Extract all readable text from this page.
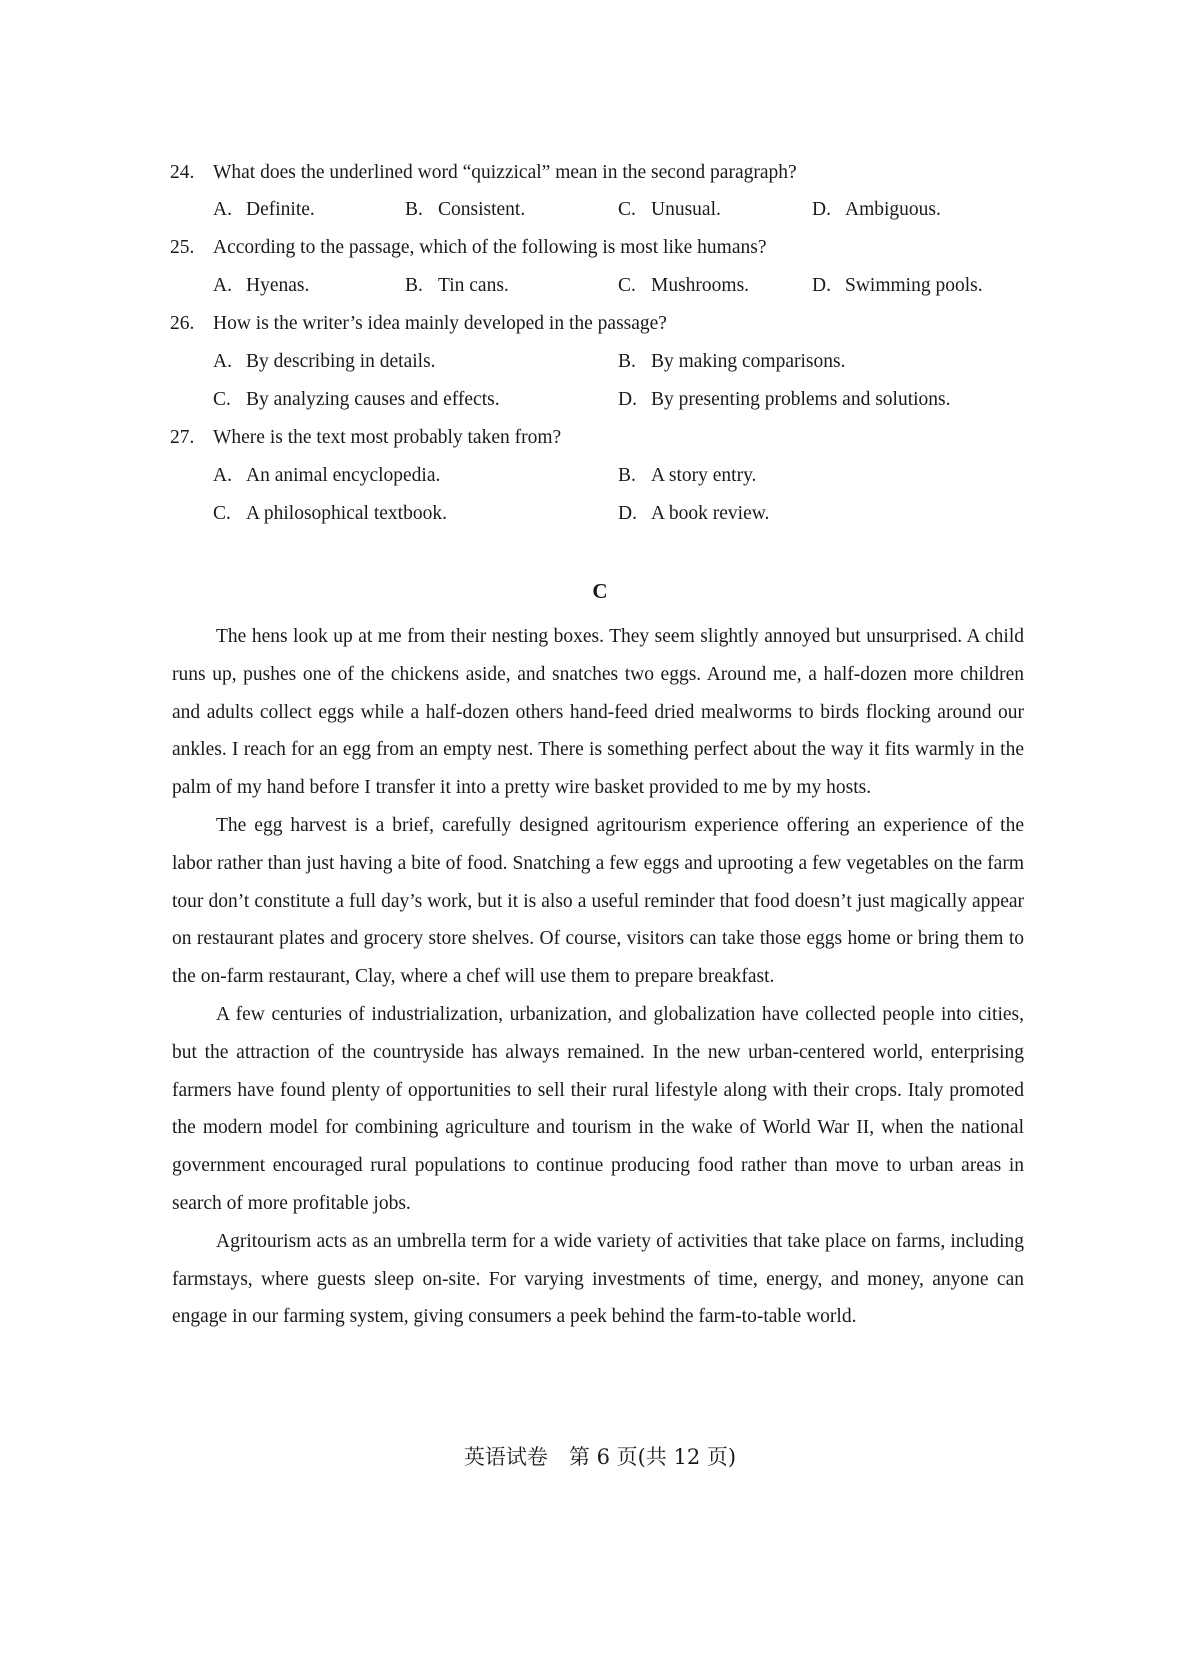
24. What does the underlined word “quizzical” mean in the second paragraph?
A. Definite.	B. Consistent.	C. Unusual.	D. Ambiguous.
25. According to the passage, which of the following is most like humans?
A. Hyenas.	B. Tin cans.	C. Mushrooms.	D. Swimming pools.
26. How is the writer’s idea mainly developed in the passage?
A. By describing in details.	B. By making comparisons.
C. By analyzing causes and effects.	D. By presenting problems and solutions.
27. Where is the text most probably taken from?
A. An animal encyclopedia.	B. A story entry.
C. A philosophical textbook.	D. A book review.
C

The hens look up at me from their nesting boxes. They seem slightly annoyed but unsurprised. A child runs up, pushes one of the chickens aside, and snatches two eggs. Around me, a half-dozen more children and adults collect eggs while a half-dozen others hand-feed dried mealworms to birds flocking around our ankles. I reach for an egg from an empty nest. There is something perfect about the way it fits warmly in the palm of my hand before I transfer it into a pretty wire basket provided to me by my hosts.

The egg harvest is a brief, carefully designed agritourism experience offering an experience of the labor rather than just having a bite of food. Snatching a few eggs and uprooting a few vegetables on the farm tour don’t constitute a full day’s work, but it is also a useful reminder that food doesn’t just magically appear on restaurant plates and grocery store shelves. Of course, visitors can take those eggs home or bring them to the on-farm restaurant, Clay, where a chef will use them to prepare breakfast.

A few centuries of industrialization, urbanization, and globalization have collected people into cities, but the attraction of the countryside has always remained. In the new urban-centered world, enterprising farmers have found plenty of opportunities to sell their rural lifestyle along with their crops. Italy promoted the modern model for combining agriculture and tourism in the wake of World War II, when the national government encouraged rural populations to continue producing food rather than move to urban areas in search of more profitable jobs.

Agritourism acts as an umbrella term for a wide variety of activities that take place on farms, including farmstays, where guests sleep on-site. For varying investments of time, energy, and money, anyone can engage in our farming system, giving consumers a peek behind the farm-to-table world.

英语试卷　第 6 页(共 12 页)
